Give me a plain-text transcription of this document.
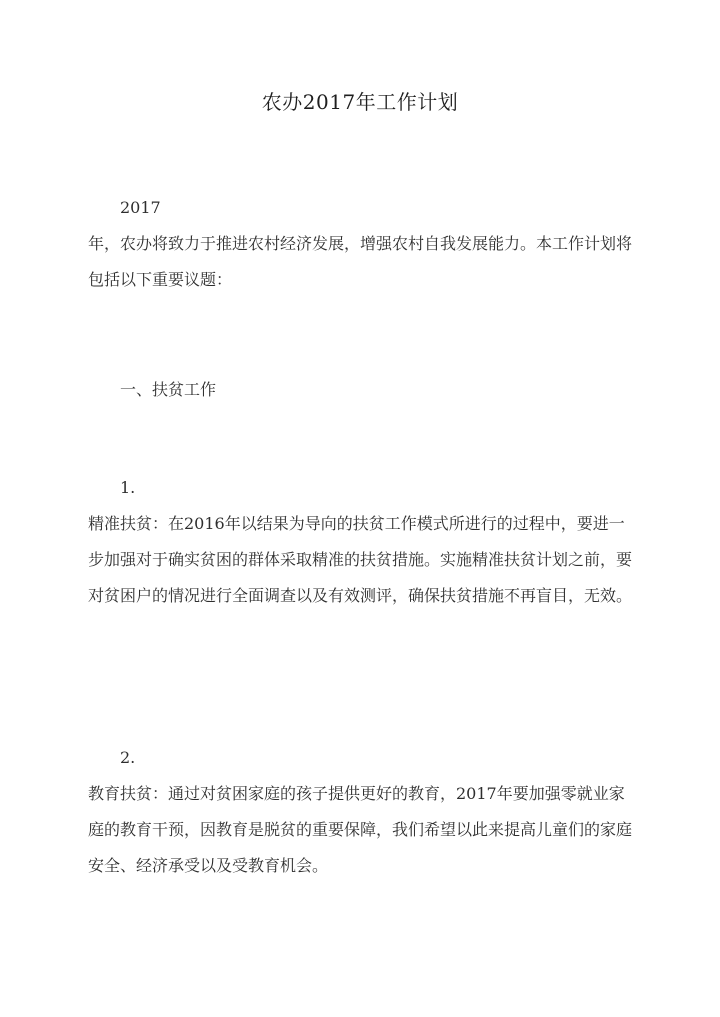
农办2017年工作计划
2017
年，农办将致力于推进农村经济发展，增强农村自我发展能力。本工作计划将包括以下重要议题：
一、扶贫工作
1.
精准扶贫：在2016年以结果为导向的扶贫工作模式所进行的过程中，要进一步加强对于确实贫困的群体采取精准的扶贫措施。实施精准扶贫计划之前，要对贫困户的情况进行全面调查以及有效测评，确保扶贫措施不再盲目，无效。
2.
教育扶贫：通过对贫困家庭的孩子提供更好的教育，2017年要加强零就业家庭的教育干预，因教育是脱贫的重要保障，我们希望以此来提高儿童们的家庭安全、经济承受以及受教育机会。
